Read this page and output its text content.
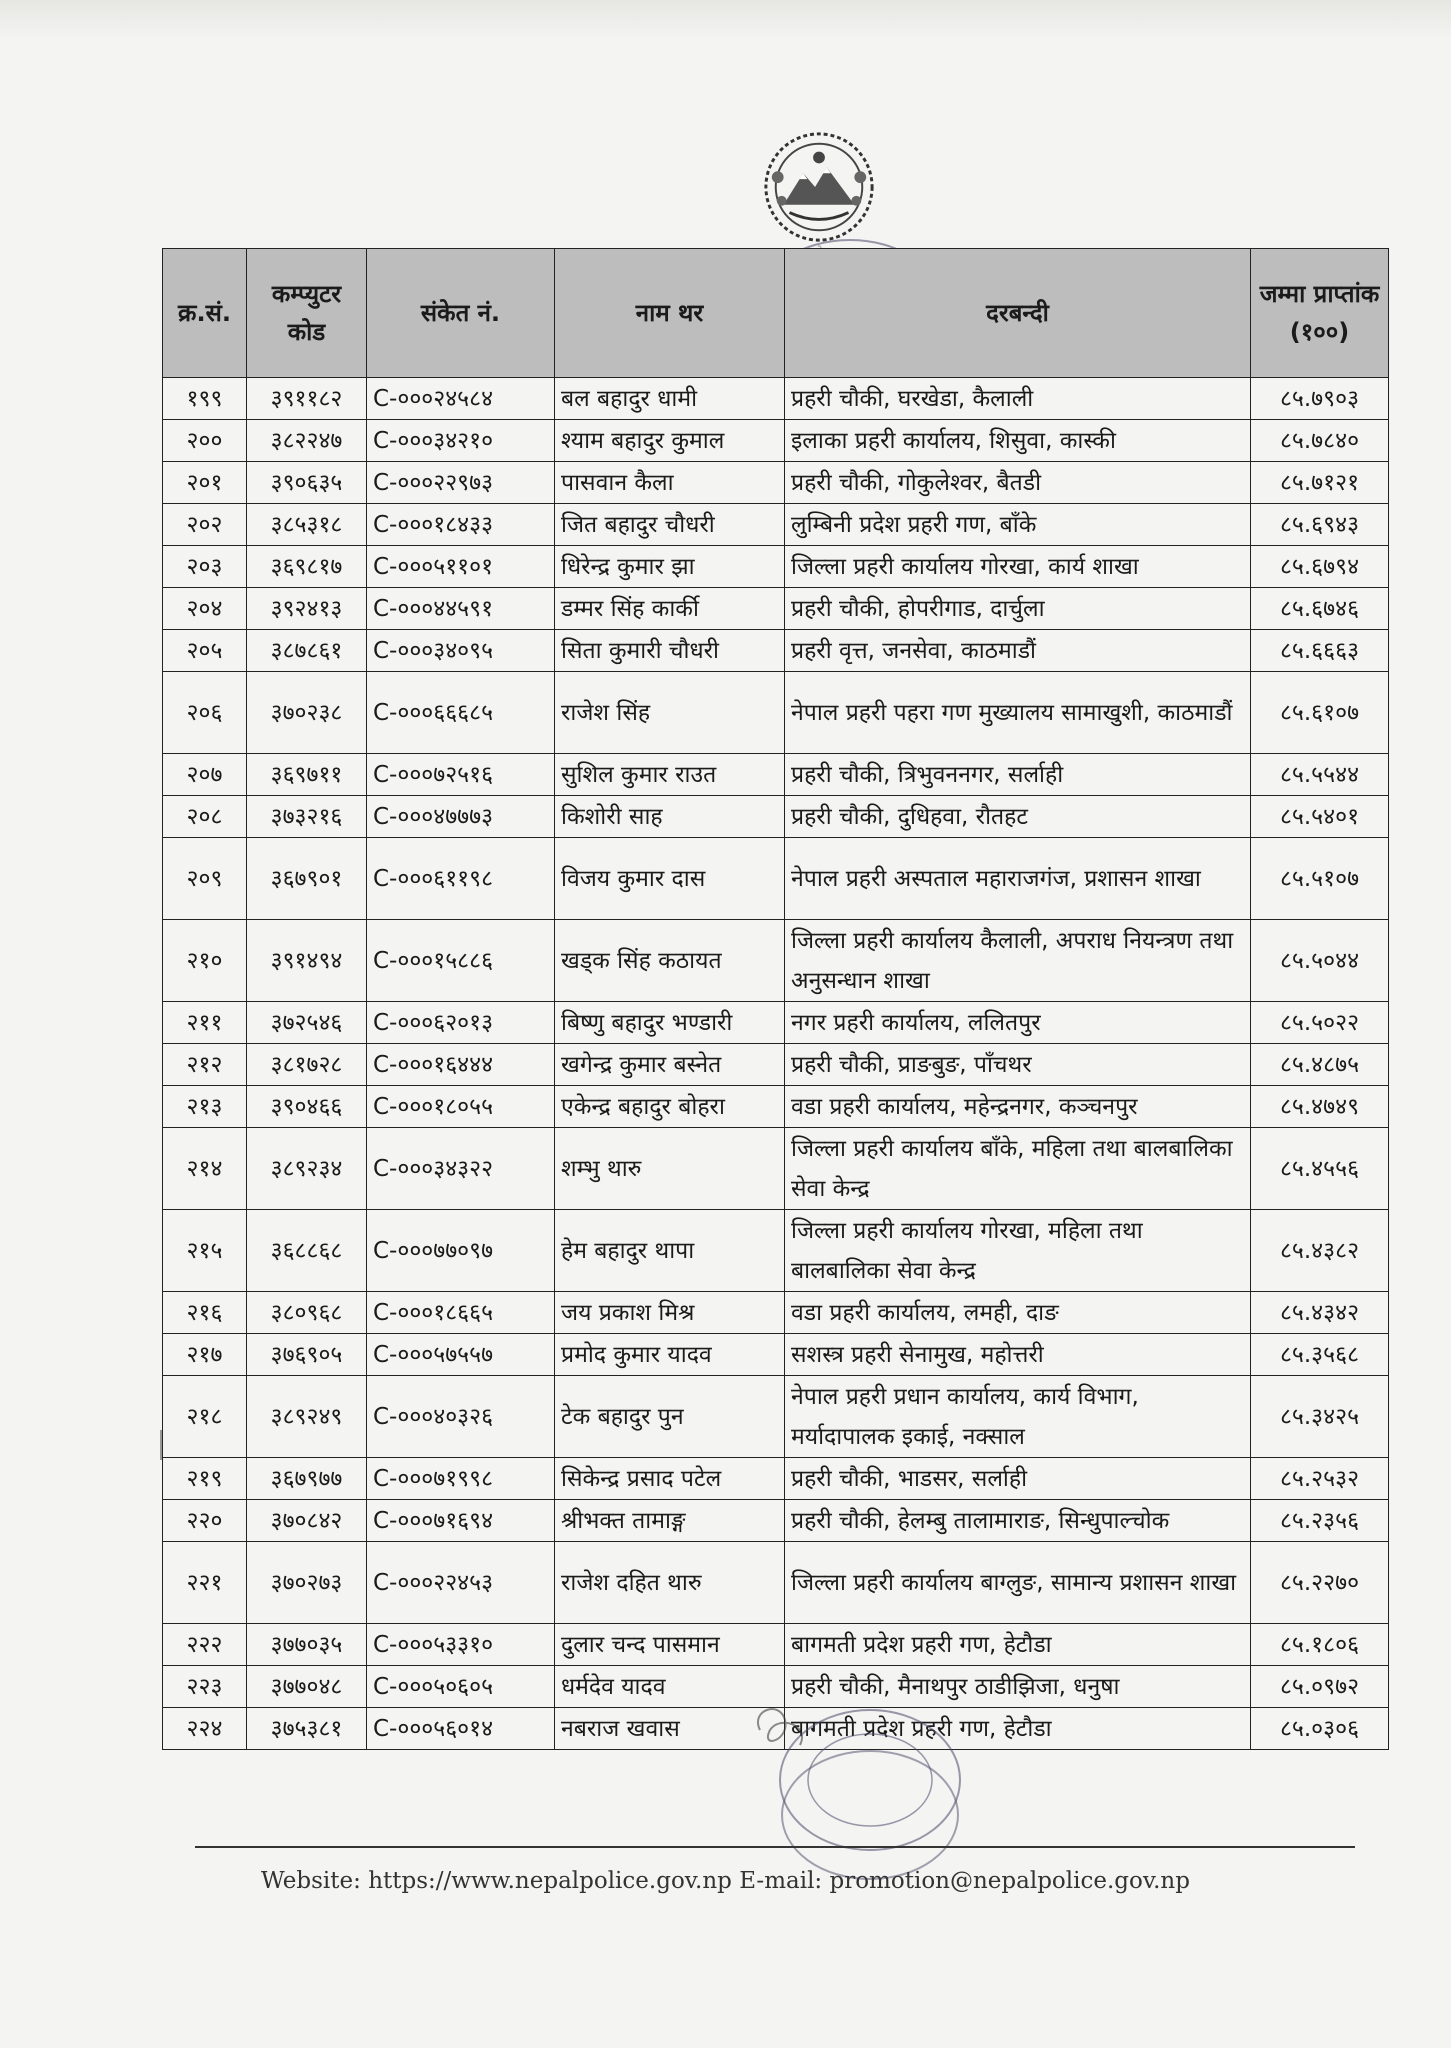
क्र.सं.	कम्प्युटर कोड	संकेत नं.	नाम थर	दरबन्दी	जम्मा प्राप्तांक (१००)
१९९	३९११८२	C-०००२४५८४	बल बहादुर धामी	प्रहरी चौकी, घरखेडा, कैलाली	८५.७९०३
२००	३८२२४७	C-०००३४२१०	श्याम बहादुर कुमाल	इलाका प्रहरी कार्यालय, शिसुवा, कास्की	८५.७८४०
२०१	३९०६३५	C-०००२२९७३	पासवान कैला	प्रहरी चौकी, गोकुलेश्वर, बैतडी	८५.७१२१
२०२	३८५३१८	C-०००१८४३३	जित बहादुर चौधरी	लुम्बिनी प्रदेश प्रहरी गण, बाँके	८५.६९४३
२०३	३६९८१७	C-०००५११०१	धिरेन्द्र कुमार झा	जिल्ला प्रहरी कार्यालय गोरखा, कार्य शाखा	८५.६७९४
२०४	३९२४१३	C-०००४४५९१	डम्मर सिंह कार्की	प्रहरी चौकी, होपरीगाड, दार्चुला	८५.६७४६
२०५	३८७८६१	C-०००३४०९५	सिता कुमारी चौधरी	प्रहरी वृत्त, जनसेवा, काठमाडौं	८५.६६६३
२०६	३७०२३८	C-०००६६६८५	राजेश सिंह	नेपाल प्रहरी पहरा गण मुख्यालय सामाखुशी, काठमाडौं	८५.६१०७
२०७	३६९७११	C-०००७२५१६	सुशिल कुमार राउत	प्रहरी चौकी, त्रिभुवननगर, सर्लाही	८५.५५४४
२०८	३७३२१६	C-०००४७७७३	किशोरी साह	प्रहरी चौकी, दुधिहवा, रौतहट	८५.५४०१
२०९	३६७९०१	C-०००६११९८	विजय कुमार दास	नेपाल प्रहरी अस्पताल महाराजगंज, प्रशासन शाखा	८५.५१०७
२१०	३९१४९४	C-०००१५८८६	खड्क सिंह कठायत	जिल्ला प्रहरी कार्यालय कैलाली, अपराध नियन्त्रण तथा अनुसन्धान शाखा	८५.५०४४
२११	३७२५४६	C-०००६२०१३	बिष्णु बहादुर भण्डारी	नगर प्रहरी कार्यालय, ललितपुर	८५.५०२२
२१२	३८१७२८	C-०००१६४४४	खगेन्द्र कुमार बस्नेत	प्रहरी चौकी, प्राङबुङ, पाँचथर	८५.४८७५
२१३	३९०४६६	C-०००१८०५५	एकेन्द्र बहादुर बोहरा	वडा प्रहरी कार्यालय, महेन्द्रनगर, कञ्चनपुर	८५.४७४९
२१४	३८९२३४	C-०००३४३२२	शम्भु थारु	जिल्ला प्रहरी कार्यालय बाँके, महिला तथा बालबालिका सेवा केन्द्र	८५.४५५६
२१५	३६८८६८	C-०००७७०९७	हेम बहादुर थापा	जिल्ला प्रहरी कार्यालय गोरखा, महिला तथा बालबालिका सेवा केन्द्र	८५.४३८२
२१६	३८०९६८	C-०००१८६६५	जय प्रकाश मिश्र	वडा प्रहरी कार्यालय, लमही, दाङ	८५.४३४२
२१७	३७६९०५	C-०००५७५५७	प्रमोद कुमार यादव	सशस्त्र प्रहरी सेनामुख, महोत्तरी	८५.३५६८
२१८	३८९२४९	C-०००४०३२६	टेक बहादुर पुन	नेपाल प्रहरी प्रधान कार्यालय, कार्य विभाग, मर्यादापालक इकाई, नक्साल	८५.३४२५
२१९	३६७९७७	C-०००७१९९८	सिकेन्द्र प्रसाद पटेल	प्रहरी चौकी, भाडसर, सर्लाही	८५.२५३२
२२०	३७०८४२	C-०००७१६९४	श्रीभक्त तामाङ्ग	प्रहरी चौकी, हेलम्बु तालामाराङ, सिन्धुपाल्चोक	८५.२३५६
२२१	३७०२७३	C-०००२२४५३	राजेश दहित थारु	जिल्ला प्रहरी कार्यालय बाग्लुङ, सामान्य प्रशासन शाखा	८५.२२७०
२२२	३७७०३५	C-०००५३३१०	दुलार चन्द पासमान	बागमती प्रदेश प्रहरी गण, हेटौडा	८५.१८०६
२२३	३७७०४८	C-०००५०६०५	धर्मदेव यादव	प्रहरी चौकी, मैनाथपुर ठाडीझिजा, धनुषा	८५.०९७२
२२४	३७५३८१	C-०००५६०१४	नबराज खवास	बागमती प्रदेश प्रहरी गण, हेटौडा	८५.०३०६
Website: https://www.nepalpolice.gov.np E-mail: promotion@nepalpolice.gov.np
